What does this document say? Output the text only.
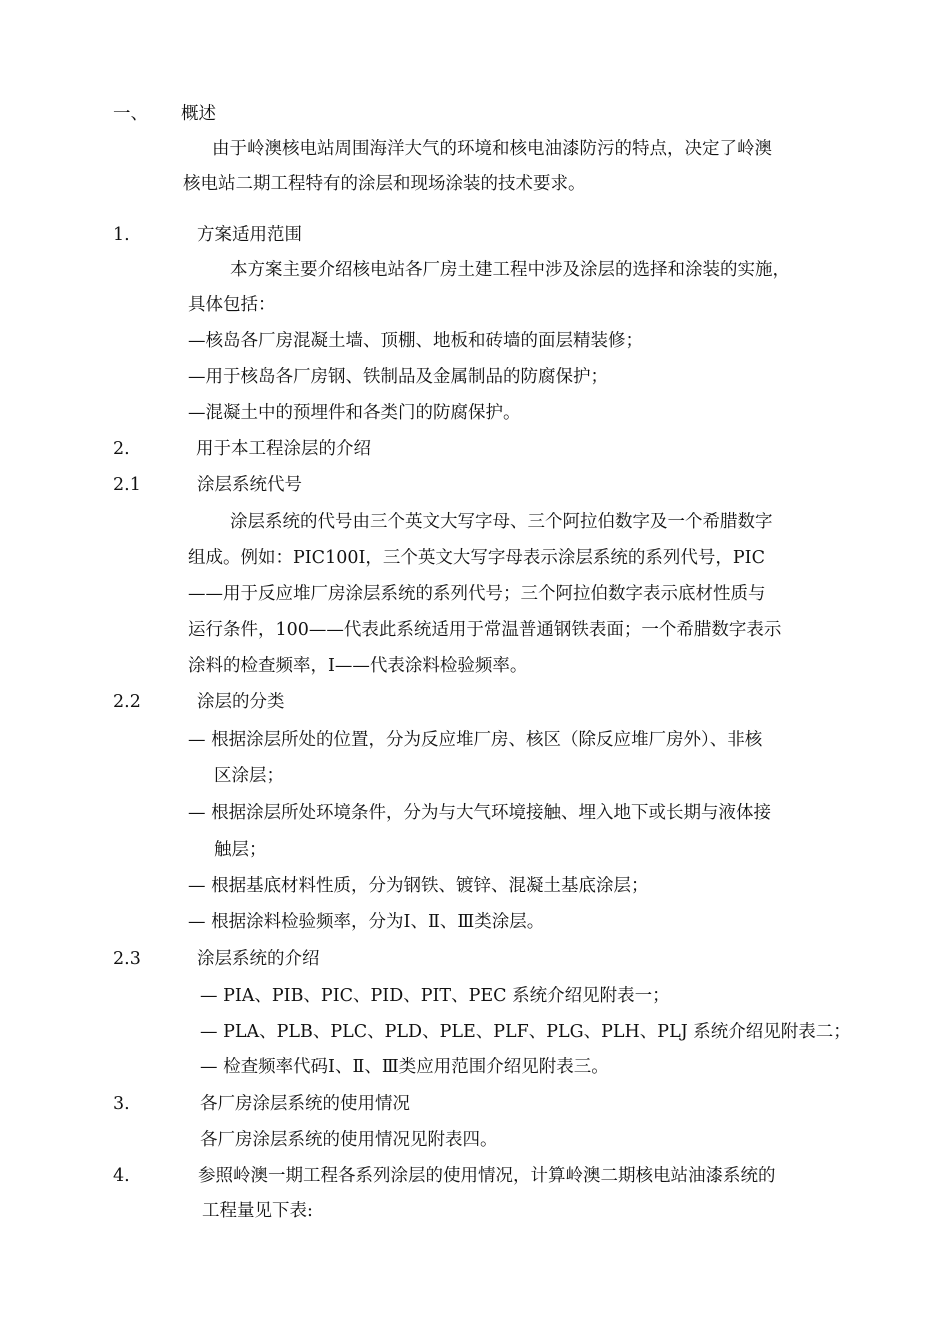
一、 概述
由于岭澳核电站周围海洋大气的环境和核电油漆防污的特点，决定了岭澳
核电站二期工程特有的涂层和现场涂装的技术要求。
1.	方案适用范围
本方案主要介绍核电站各厂房土建工程中涉及涂层的选择和涂装的实施，
具体包括：
—核岛各厂房混凝土墙、顶棚、地板和砖墙的面层精装修；
—用于核岛各厂房钢、铁制品及金属制品的防腐保护；
—混凝土中的预埋件和各类门的防腐保护。
2.	用于本工程涂层的介绍
2.1	涂层系统代号
涂层系统的代号由三个英文大写字母、三个阿拉伯数字及一个希腊数字
组成。例如：PIC100I，三个英文大写字母表示涂层系统的系列代号，PIC
——用于反应堆厂房涂层系统的系列代号；三个阿拉伯数字表示底材性质与
运行条件，100——代表此系统适用于常温普通钢铁表面；一个希腊数字表示
涂料的检查频率，I——代表涂料检验频率。
2.2	涂层的分类
— 根据涂层所处的位置，分为反应堆厂房、核区（除反应堆厂房外）、非核
区涂层；
— 根据涂层所处环境条件，分为与大气环境接触、埋入地下或长期与液体接
触层；
— 根据基底材料性质，分为钢铁、镀锌、混凝土基底涂层；
— 根据涂料检验频率，分为Ⅰ、Ⅱ、Ⅲ类涂层。
2.3	涂层系统的介绍
— PIA、PIB、PIC、PID、PIT、PEC 系统介绍见附表一；
— PLA、PLB、PLC、PLD、PLE、PLF、PLG、PLH、PLJ 系统介绍见附表二；
— 检查频率代码Ⅰ、Ⅱ、Ⅲ类应用范围介绍见附表三。
3.	各厂房涂层系统的使用情况
各厂房涂层系统的使用情况见附表四。
4.	参照岭澳一期工程各系列涂层的使用情况，计算岭澳二期核电站油漆系统的
工程量见下表:
